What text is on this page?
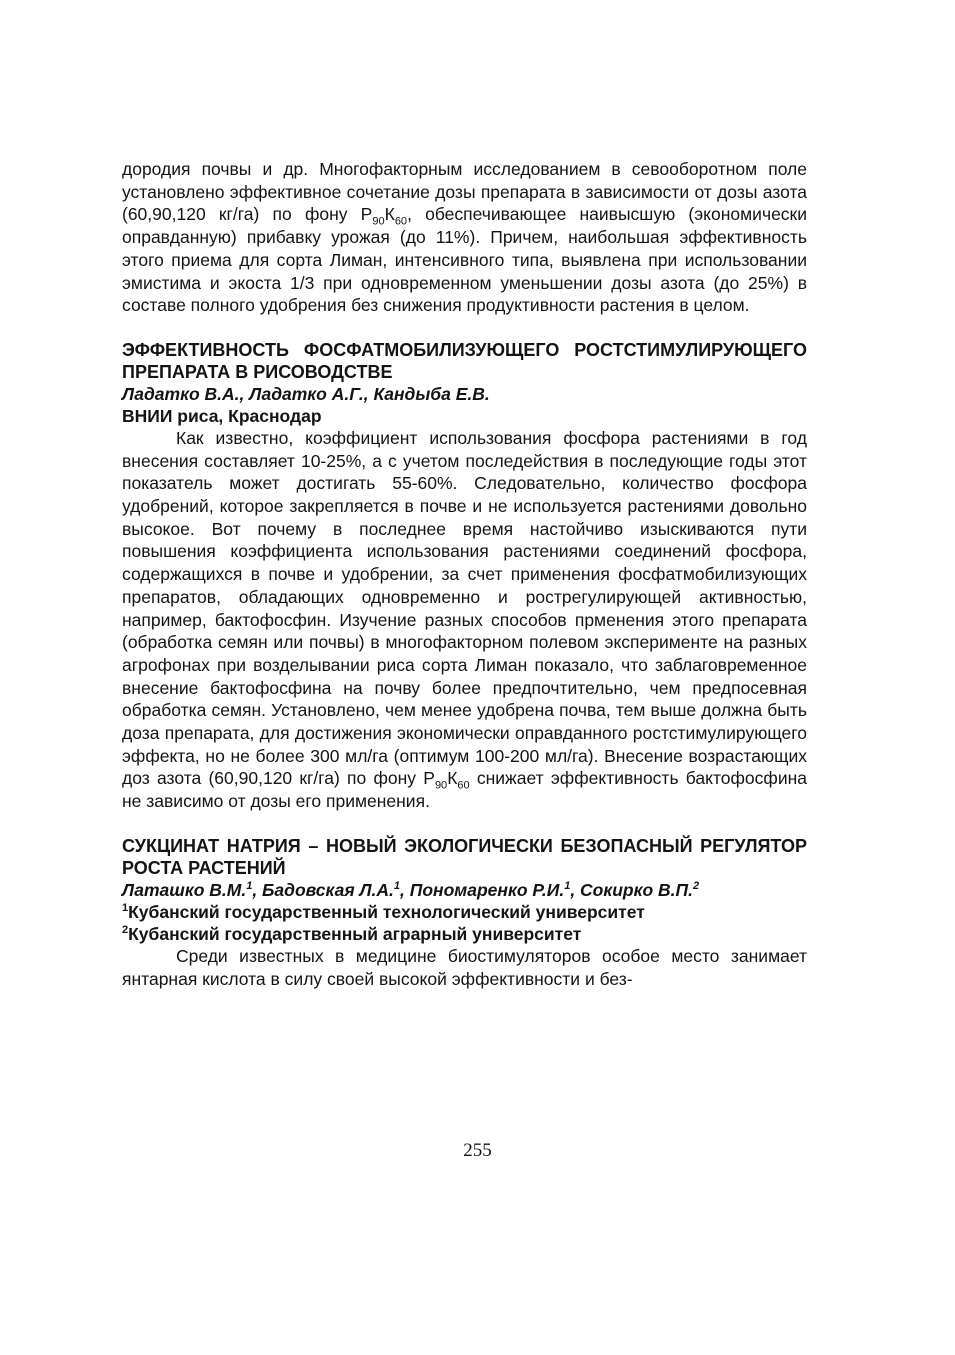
дородия почвы и др. Многофакторным исследованием в севооборотном поле установлено эффективное сочетание дозы препарата в зависимости от дозы азота (60,90,120 кг/га) по фону $Р_{90}К_{60}$, обеспечивающее наивысшую (экономически оправданную) прибавку урожая (до 11%). Причем, наибольшая эффективность этого приема для сорта Лиман, интенсивного типа, выявлена при использовании эмистима и экоста 1/3 при одновременном уменьшении дозы азота (до 25%) в составе полного удобрения без снижения продуктивности растения в целом.

ЭФФЕКТИВНОСТЬ ФОСФАТМОБИЛИЗУЮЩЕГО РОСТСТИМУЛИРУЮЩЕГО ПРЕПАРАТА В РИСОВОДСТВЕ
Ладатко В.А., Ладатко А.Г., Кандыба Е.В.
ВНИИ риса, Краснодар

Как известно, коэффициент использования фосфора растениями в год внесения составляет 10-25%, а с учетом последействия в последующие годы этот показатель может достигать 55-60%. Следовательно, количество фосфора удобрений, которое закрепляется в почве и не используется растениями довольно высокое. Вот почему в последнее время настойчиво изыскиваются пути повышения коэффициента использования растениями соединений фосфора, содержащихся в почве и удобрении, за счет применения фосфатмобилизующих препаратов, обладающих одновременно и рострегулирующей активностью, например, бактофосфин. Изучение разных способов прменения этого препарата (обработка семян или почвы) в многофакторном полевом эксперименте на разных агрофонах при возделывании риса сорта Лиман показало, что заблаговременное внесение бактофосфина на почву более предпочтительно, чем предпосевная обработка семян. Установлено, чем менее удобрена почва, тем выше должна быть доза препарата, для достижения экономически оправданного ростстимулирующего эффекта, но не более 300 мл/га (оптимум 100-200 мл/га). Внесение возрастающих доз азота (60,90,120 кг/га) по фону $Р_{90}К_{60}$ снижает эффективность бактофосфина не зависимо от дозы его применения.

СУКЦИНАТ НАТРИЯ – НОВЫЙ ЭКОЛОГИЧЕСКИ БЕЗОПАСНЫЙ РЕГУЛЯТОР РОСТА РАСТЕНИЙ
Латашко В.М.$^1$, Бадовская Л.А.$^1$, Пономаренко Р.И.$^1$, Сокирко В.П.$^2$
$^1$Кубанский государственный технологический университет
$^2$Кубанский государственный аграрный университет

Среди известных в медицине биостимуляторов особое место занимает янтарная кислота в силу своей высокой эффективности и без-

255
